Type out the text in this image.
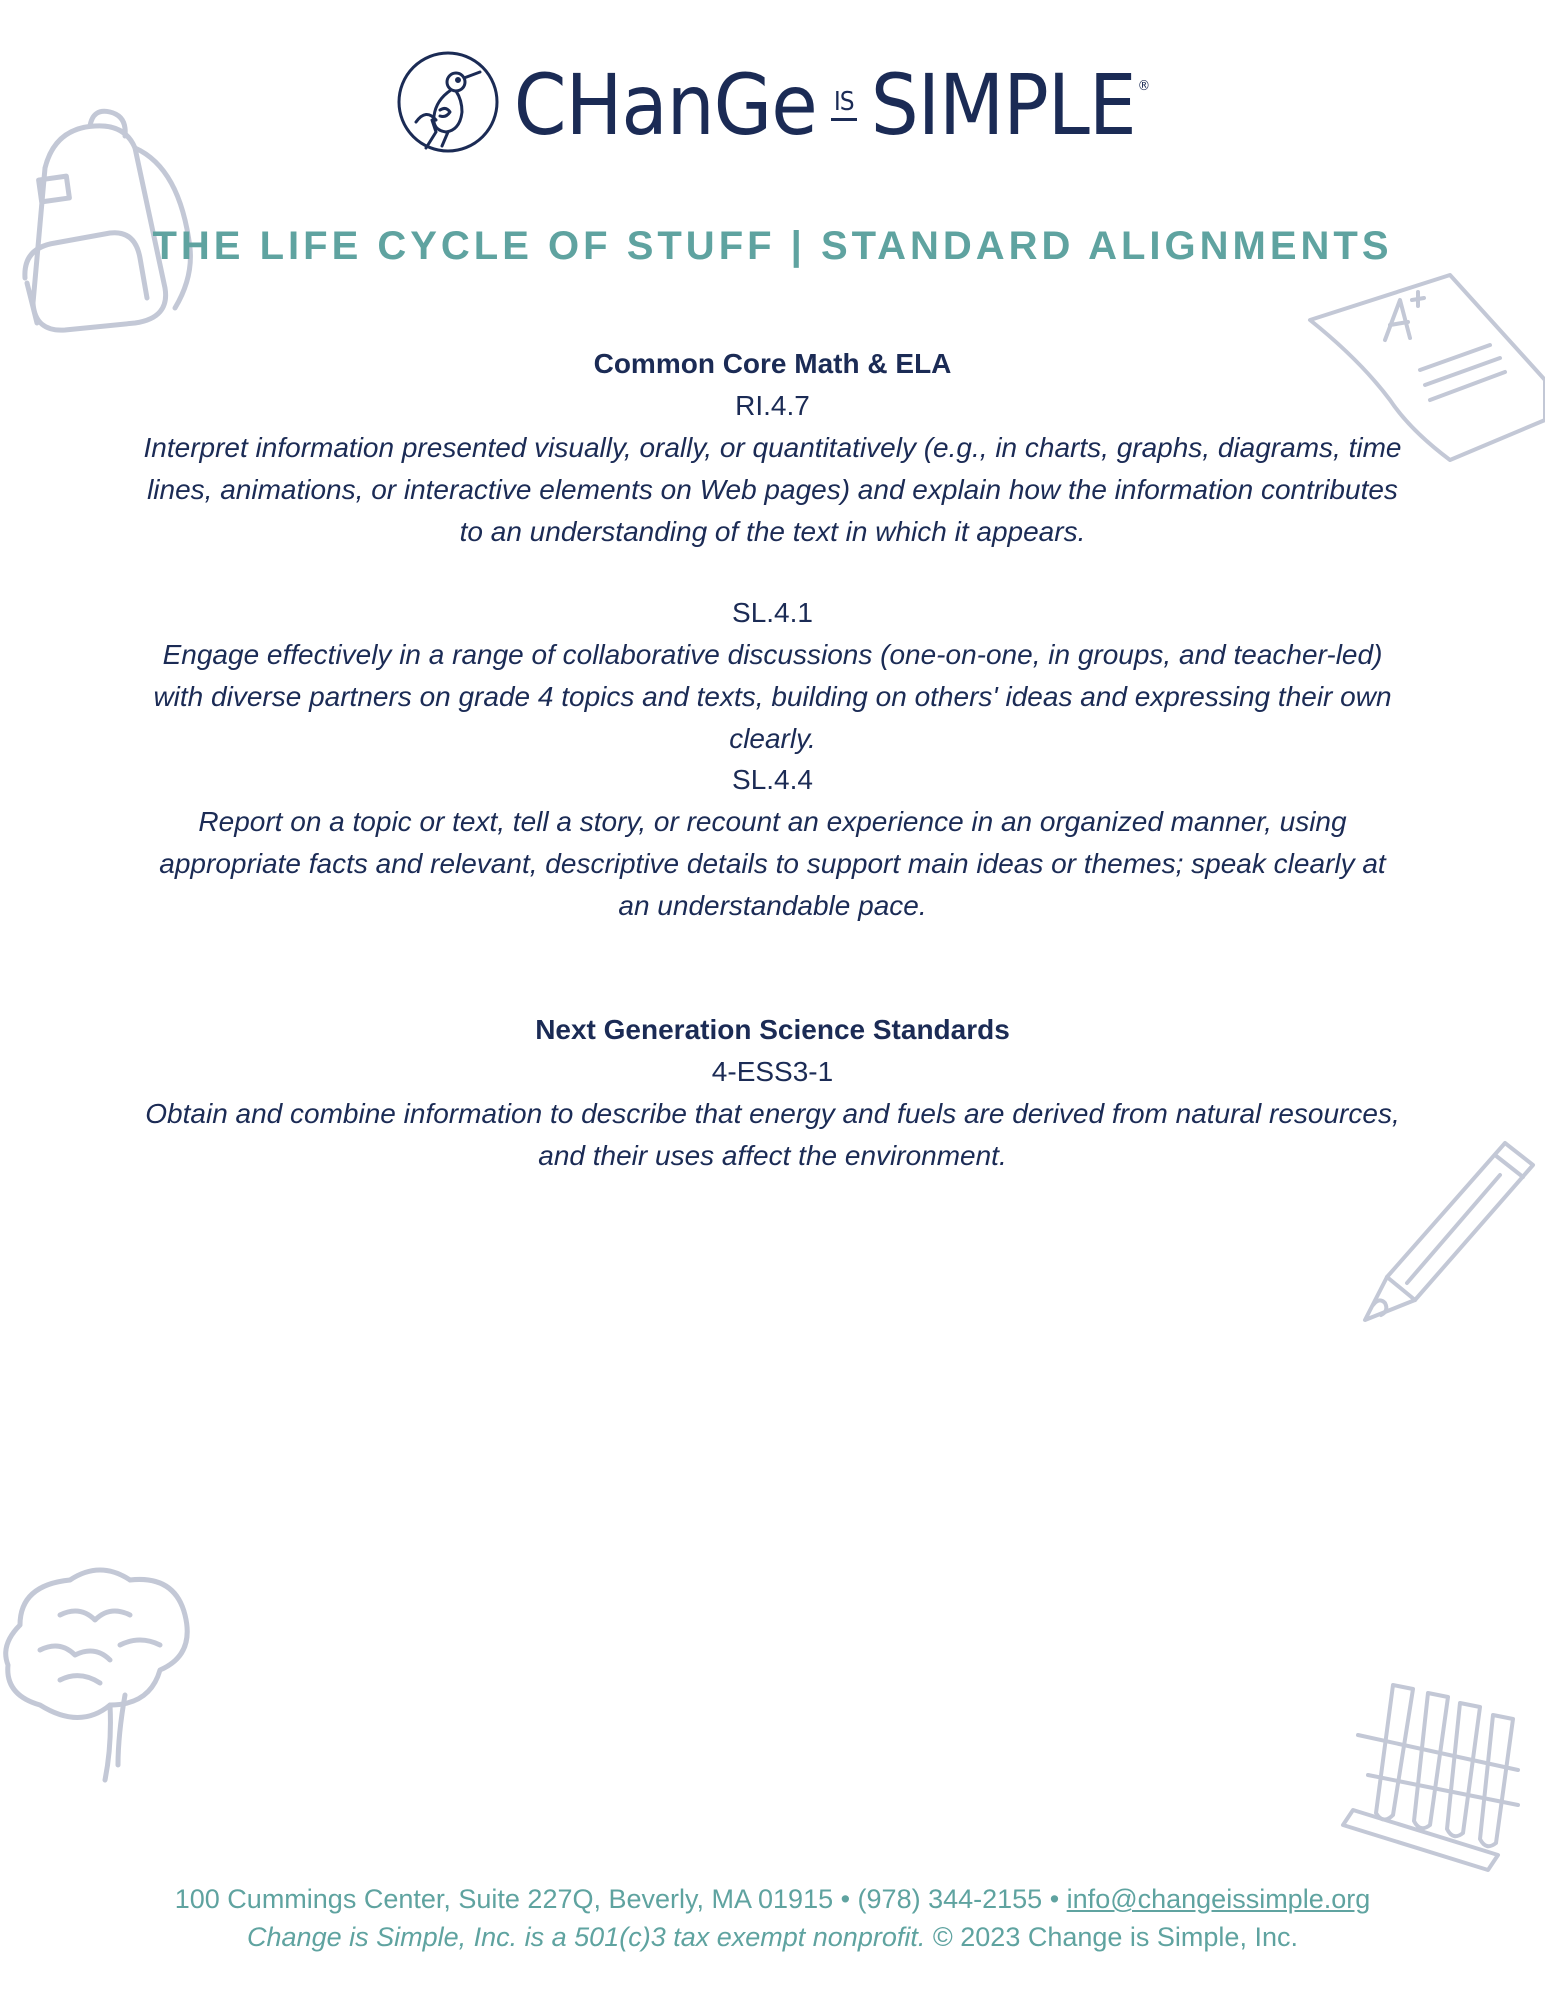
CHanGe IS SIMPLE ®
THE LIFE CYCLE OF STUFF | STANDARD ALIGNMENTS
Common Core Math & ELA
RI.4.7

Interpret information presented visually, orally, or quantitatively (e.g., in charts, graphs, diagrams, time lines, animations, or interactive elements on Web pages) and explain how the information contributes to an understanding of the text in which it appears.

SL.4.1

Engage effectively in a range of collaborative discussions (one-on-one, in groups, and teacher-led) with diverse partners on grade 4 topics and texts, building on others' ideas and expressing their own clearly.

SL.4.4

Report on a topic or text, tell a story, or recount an experience in an organized manner, using appropriate facts and relevant, descriptive details to support main ideas or themes; speak clearly at an understandable pace.

Next Generation Science Standards
4-ESS3-1

Obtain and combine information to describe that energy and fuels are derived from natural resources, and their uses affect the environment.

100 Cummings Center, Suite 227Q, Beverly, MA 01915 • (978) 344-2155 • info@changeissimple.org
Change is Simple, Inc. is a 501(c)3 tax exempt nonprofit. © 2023 Change is Simple, Inc.
